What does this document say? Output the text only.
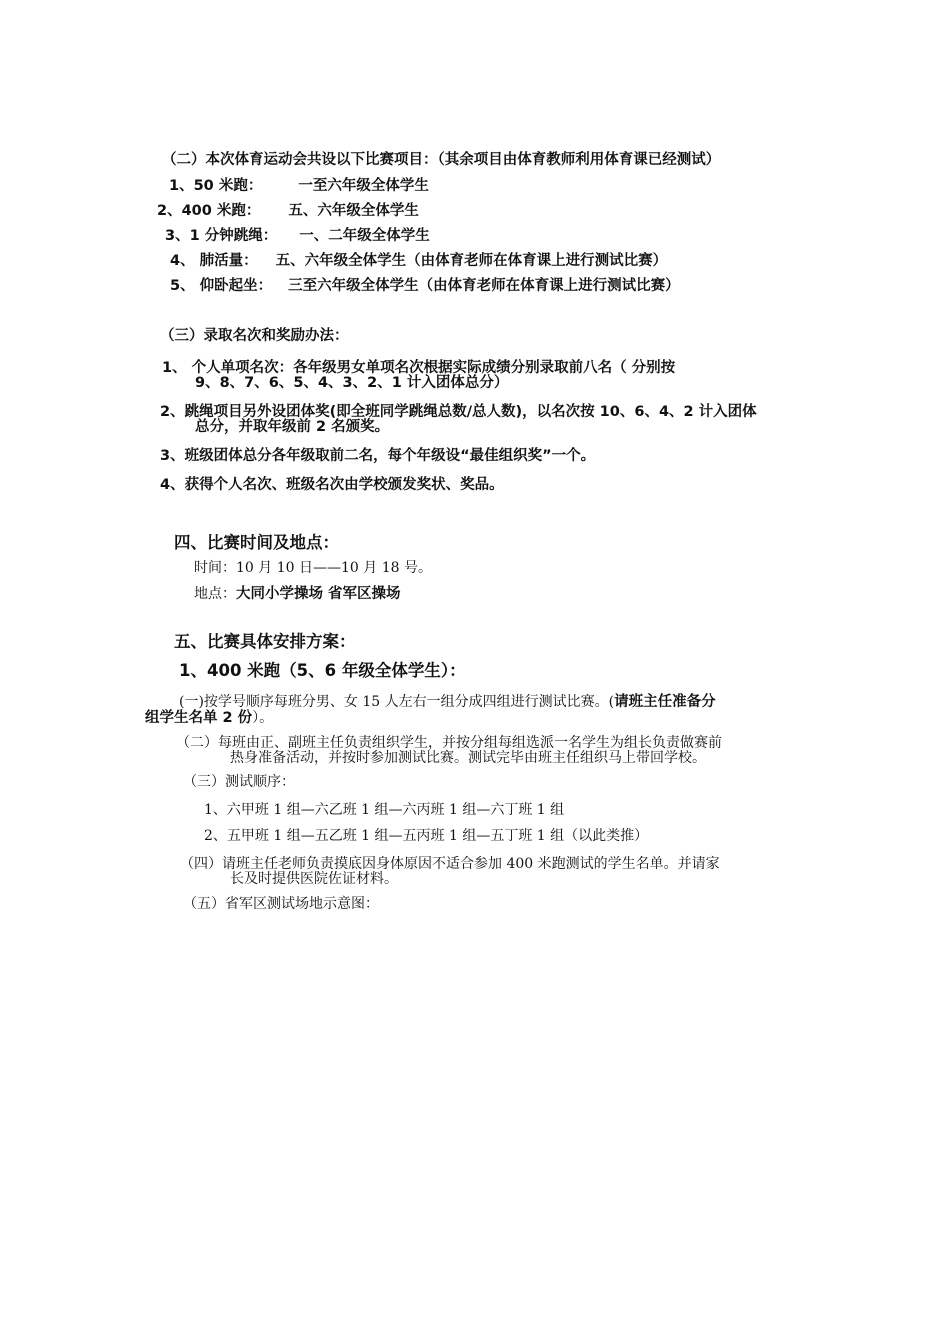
（二）本次体育运动会共设以下比赛项目：（其余项目由体育教师利用体育课已经测试）
1、50 米跑： 一至六年级全体学生
2、400 米跑： 五、六年级全体学生
3、1 分钟跳绳： 一、二年级全体学生
4、 肺活量： 五、六年级全体学生（由体育老师在体育课上进行测试比赛）
5、 仰卧起坐： 三至六年级全体学生（由体育老师在体育课上进行测试比赛）
（三）录取名次和奖励办法：
1、 个人单项名次：各年级男女单项名次根据实际成绩分别录取前八名（ 分别按
9、8、7、6、5、4、3、2、1 计入团体总分）
2、跳绳项目另外设团体奖(即全班同学跳绳总数/总人数)，以名次按 10、6、4、2 计入团体
总分，并取年级前 2 名颁奖。
3、班级团体总分各年级取前二名，每个年级设“最佳组织奖”一个。
4、获得个人名次、班级名次由学校颁发奖状、奖品。
四、比赛时间及地点：
时间：10 月 10 日——10 月 18 号。
地点：大同小学操场 省军区操场
五、比赛具体安排方案：
1、400 米跑（5、6 年级全体学生）：
(一)按学号顺序每班分男、女 15 人左右一组分成四组进行测试比赛。(请班主任准备分
组学生名单 2 份）。
（二）每班由正、副班主任负责组织学生，并按分组每组选派一名学生为组长负责做赛前
热身准备活动，并按时参加测试比赛。测试完毕由班主任组织马上带回学校。
（三）测试顺序：
1、六甲班 1 组—六乙班 1 组—六丙班 1 组—六丁班 1 组
2、五甲班 1 组—五乙班 1 组—五丙班 1 组—五丁班 1 组（以此类推）
（四）请班主任老师负责摸底因身体原因不适合参加 400 米跑测试的学生名单。并请家
长及时提供医院佐证材料。
（五）省军区测试场地示意图：
